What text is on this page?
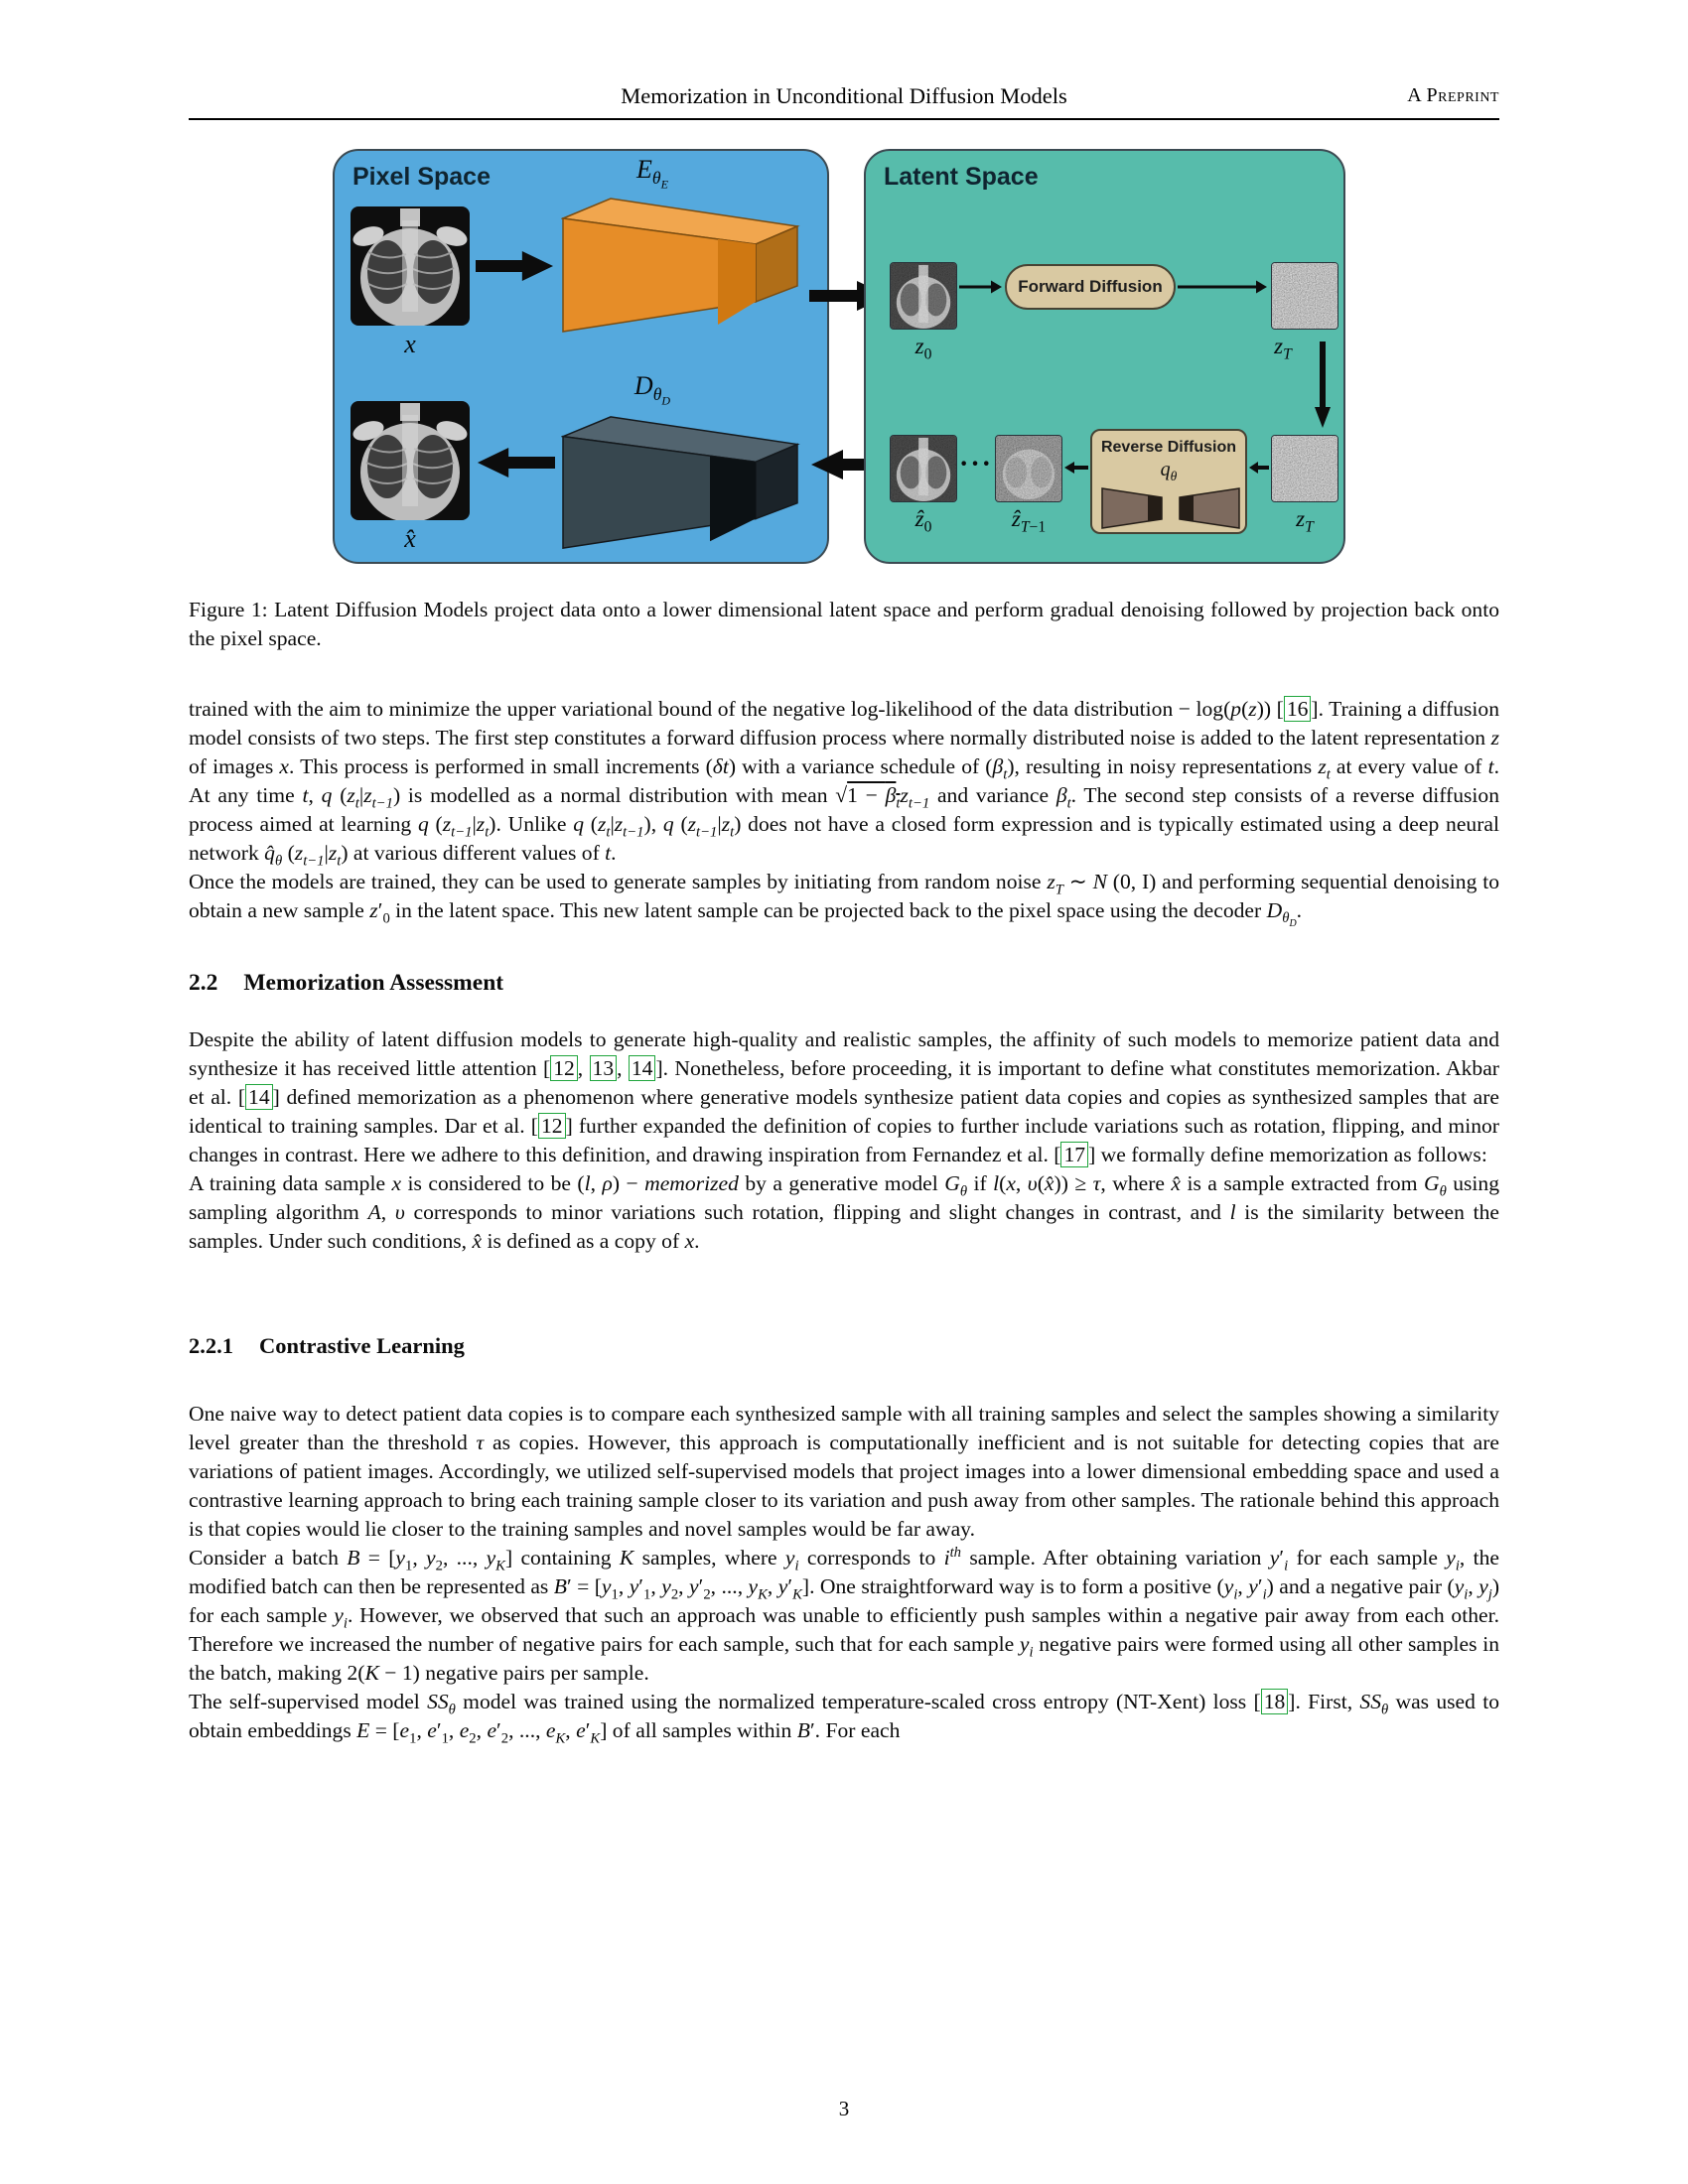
Memorization in Unconditional Diffusion Models	A Preprint
Pixel Space
x
$E_{\theta_E}$
$D_{\theta_D}$
x̂
Latent Space
$z_0$
Forward Diffusion
$z_T$
$z_T$
Reverse Diffusion
$q_\theta$
ẑ$_{T-1}$
···
ẑ$_0$
Figure 1: Latent Diffusion Models project data onto a lower dimensional latent space and perform gradual denoising followed by projection back onto the pixel space.

trained with the aim to minimize the upper variational bound of the negative log-likelihood of the data distribution − log(p(z)) [ 16 ]. Training a diffusion model consists of two steps. The first step constitutes a forward diffusion process where normally distributed noise is added to the latent representation z of images x. This process is performed in small increments (δt) with a variance schedule of $(\beta_t)$, resulting in noisy representations $z_t$ at every value of t. At any time t, q $(z_t|z_{t-1})$ is modelled as a normal distribution with mean $√1 - \beta_tz_{t-1}$ and variance $\beta_t$. The second step consists of a reverse diffusion process aimed at learning q $(z_{t-1}|z_t)$. Unlike q $(z_t|z_{t-1})$, q $(z_{t-1}|z_t)$ does not have a closed form expression and is typically estimated using a deep neural network $q̂_\theta$ $(z_{t-1}|z_t)$ at various different values of t.

Once the models are trained, they can be used to generate samples by initiating from random noise $z_T$ ∼ N (0, I) and performing sequential denoising to obtain a new sample $z'_0$ in the latent space. This new latent sample can be projected back to the pixel space using the decoder $D_{\theta_D}$.

2.2 Memorization Assessment

Despite the ability of latent diffusion models to generate high-quality and realistic samples, the affinity of such models to memorize patient data and synthesize it has received little attention [ 12 , 13 , 14 ]. Nonetheless, before proceeding, it is important to define what constitutes memorization. Akbar et al. [ 14 ] defined memorization as a phenomenon where generative models synthesize patient data copies and copies as synthesized samples that are identical to training samples. Dar et al. [ 12 ] further expanded the definition of copies to further include variations such as rotation, flipping, and minor changes in contrast. Here we adhere to this definition, and drawing inspiration from Fernandez et al. [ 17 ] we formally define memorization as follows:

A training data sample x is considered to be (l, ρ) − memorized by a generative model $G_\theta$ if l(x, υ(x̂)) ≥ τ, where x̂ is a sample extracted from $G_\theta$ using sampling algorithm A, υ corresponds to minor variations such rotation, flipping and slight changes in contrast, and l is the similarity between the samples. Under such conditions, x̂ is defined as a copy of x.

2.2.1 Contrastive Learning

One naive way to detect patient data copies is to compare each synthesized sample with all training samples and select the samples showing a similarity level greater than the threshold τ as copies. However, this approach is computationally inefficient and is not suitable for detecting copies that are variations of patient images. Accordingly, we utilized self-supervised models that project images into a lower dimensional embedding space and used a contrastive learning approach to bring each training sample closer to its variation and push away from other samples. The rationale behind this approach is that copies would lie closer to the training samples and novel samples would be far away.

Consider a batch $B = [y_1$, $y_2$, ..., $y_K$] containing K samples, where $y_i$ corresponds to $i^{th}$ sample. After obtaining variation $y'_i$ for each sample $y_i$, the modified batch can then be represented as $B' = [y_1$, $y'_1$, $y_2$, $y'_2$, ..., $y_K$, $y'_K$]. One straightforward way is to form a positive ($y_i$, $y'_i$) and a negative pair ($y_i$, $y_j$) for each sample $y_i$. However, we observed that such an approach was unable to efficiently push samples within a negative pair away from each other. Therefore we increased the number of negative pairs for each sample, such that for each sample $y_i$ negative pairs were formed using all other samples in the batch, making 2(K − 1) negative pairs per sample.

The self-supervised model $SS_\theta$ model was trained using the normalized temperature-scaled cross entropy (NT-Xent) loss [ 18 ]. First, $SS_\theta$ was used to obtain embeddings $E = [e_1$, $e'_1$, $e_2$, $e'_2$, ..., $e_K$, $e'_K$] of all samples within B′. For each

3
